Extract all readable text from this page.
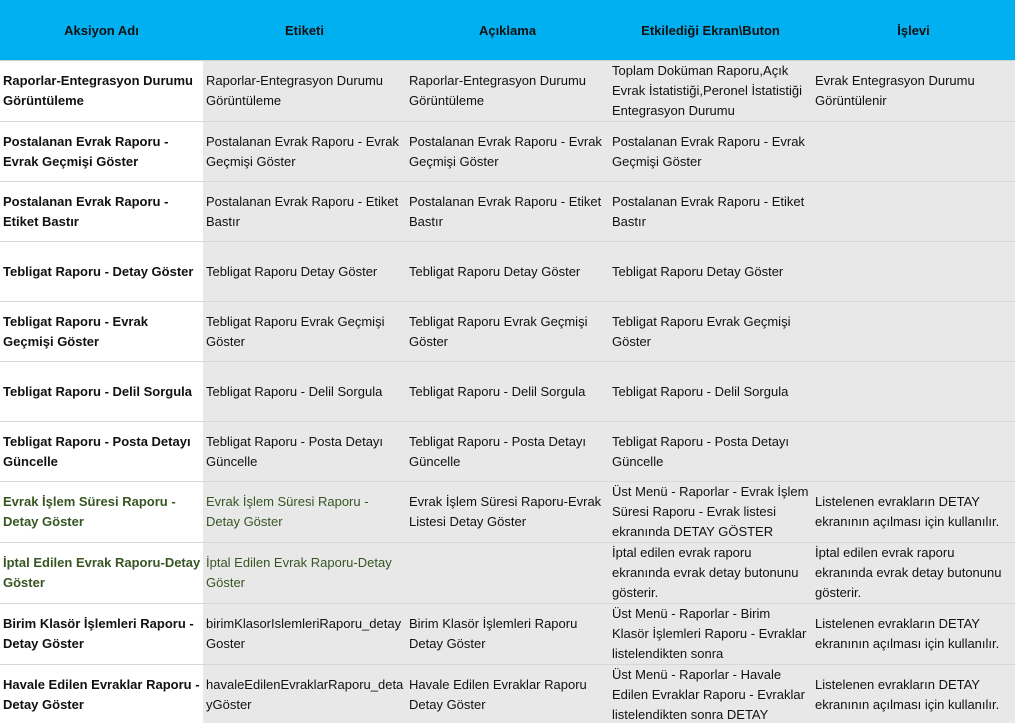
Aksiyon Adı	Etiketi	Açıklama	Etkilediği Ekran\Buton	İşlevi
Raporlar-Entegrasyon Durumu Görüntüleme	Raporlar-Entegrasyon Durumu Görüntüleme	Raporlar-Entegrasyon Durumu Görüntüleme	Toplam Doküman Raporu,Açık Evrak İstatistiği,Peronel İstatistiği Entegrasyon Durumu	Evrak Entegrasyon Durumu Görüntülenir
Postalanan Evrak Raporu - Evrak Geçmişi Göster	Postalanan Evrak Raporu - Evrak Geçmişi Göster	Postalanan Evrak Raporu - Evrak Geçmişi Göster	Postalanan Evrak Raporu - Evrak Geçmişi Göster	
Postalanan Evrak Raporu - Etiket Bastır	Postalanan Evrak Raporu - Etiket Bastır	Postalanan Evrak Raporu - Etiket Bastır	Postalanan Evrak Raporu - Etiket Bastır	
Tebligat Raporu - Detay Göster	Tebligat Raporu Detay Göster	Tebligat Raporu Detay Göster	Tebligat Raporu Detay Göster	
Tebligat Raporu - Evrak Geçmişi Göster	Tebligat Raporu Evrak Geçmişi Göster	Tebligat Raporu Evrak Geçmişi Göster	Tebligat Raporu Evrak Geçmişi Göster	
Tebligat Raporu - Delil Sorgula	Tebligat Raporu - Delil Sorgula	Tebligat Raporu - Delil Sorgula	Tebligat Raporu - Delil Sorgula	
Tebligat Raporu - Posta Detayı Güncelle	Tebligat Raporu - Posta Detayı Güncelle	Tebligat Raporu - Posta Detayı Güncelle	Tebligat Raporu - Posta Detayı Güncelle	
Evrak İşlem Süresi Raporu - Detay Göster	Evrak İşlem Süresi Raporu - Detay Göster	Evrak İşlem Süresi Raporu-Evrak Listesi Detay Göster	Üst Menü - Raporlar - Evrak İşlem Süresi Raporu - Evrak listesi ekranında DETAY GÖSTER	Listelenen evrakların DETAY ekranının açılması için kullanılır.
İptal Edilen Evrak Raporu-Detay Göster	İptal Edilen Evrak Raporu-Detay Göster		İptal edilen evrak raporu ekranında evrak detay butonunu gösterir.	İptal edilen evrak raporu ekranında evrak detay butonunu gösterir.
Birim Klasör İşlemleri Raporu - Detay Göster	birimKlasorIslemleriRaporu_detayGoster	Birim Klasör İşlemleri Raporu Detay Göster	Üst Menü - Raporlar - Birim Klasör İşlemleri Raporu - Evraklar listelendikten sonra	Listelenen evrakların DETAY ekranının açılması için kullanılır.
Havale Edilen Evraklar Raporu - Detay Göster	havaleEdilenEvraklarRaporu_detayGöster	Havale Edilen Evraklar Raporu Detay Göster	Üst Menü - Raporlar - Havale Edilen Evraklar Raporu - Evraklar listelendikten sonra DETAY	Listelenen evrakların DETAY ekranının açılması için kullanılır.
